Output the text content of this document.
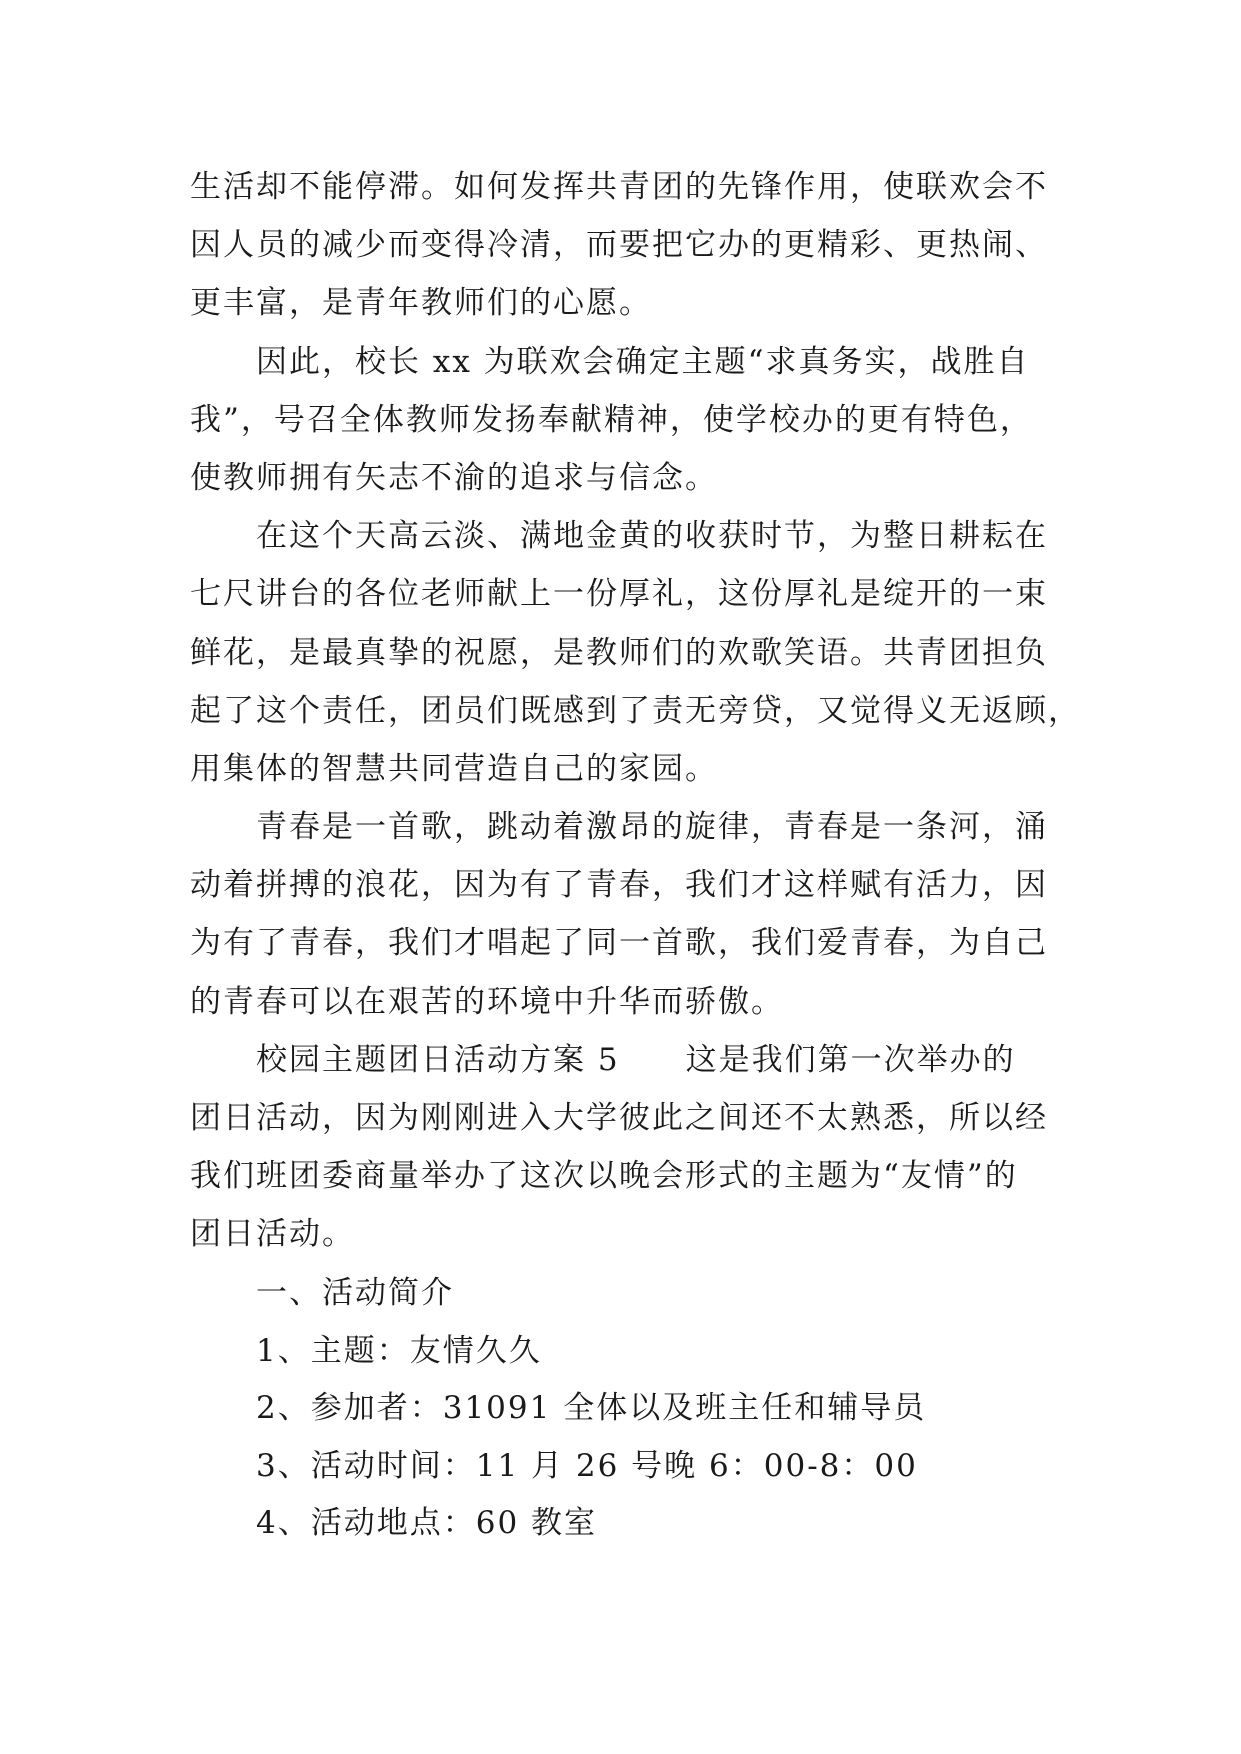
生活却不能停滞。如何发挥共青团的先锋作用，使联欢会不
因人员的减少而变得冷清，而要把它办的更精彩、更热闹、
更丰富，是青年教师们的心愿。
因此，校长 xx 为联欢会确定主题“求真务实，战胜自
我”，号召全体教师发扬奉献精神，使学校办的更有特色，
使教师拥有矢志不渝的追求与信念。
在这个天高云淡、满地金黄的收获时节，为整日耕耘在
七尺讲台的各位老师献上一份厚礼，这份厚礼是绽开的一束
鲜花，是最真挚的祝愿，是教师们的欢歌笑语。共青团担负
起了这个责任，团员们既感到了责无旁贷，又觉得义无返顾，
用集体的智慧共同营造自己的家园。
青春是一首歌，跳动着激昂的旋律，青春是一条河，涌
动着拼搏的浪花，因为有了青春，我们才这样赋有活力，因
为有了青春，我们才唱起了同一首歌，我们爱青春，为自己
的青春可以在艰苦的环境中升华而骄傲。
校园主题团日活动方案 5　　这是我们第一次举办的
团日活动，因为刚刚进入大学彼此之间还不太熟悉，所以经
我们班团委商量举办了这次以晚会形式的主题为“友情”的
团日活动。
一、活动简介
1、主题：友情久久
2、参加者：31091 全体以及班主任和辅导员
3、活动时间：11 月 26 号晚 6：00-8：00
4、活动地点：60 教室
